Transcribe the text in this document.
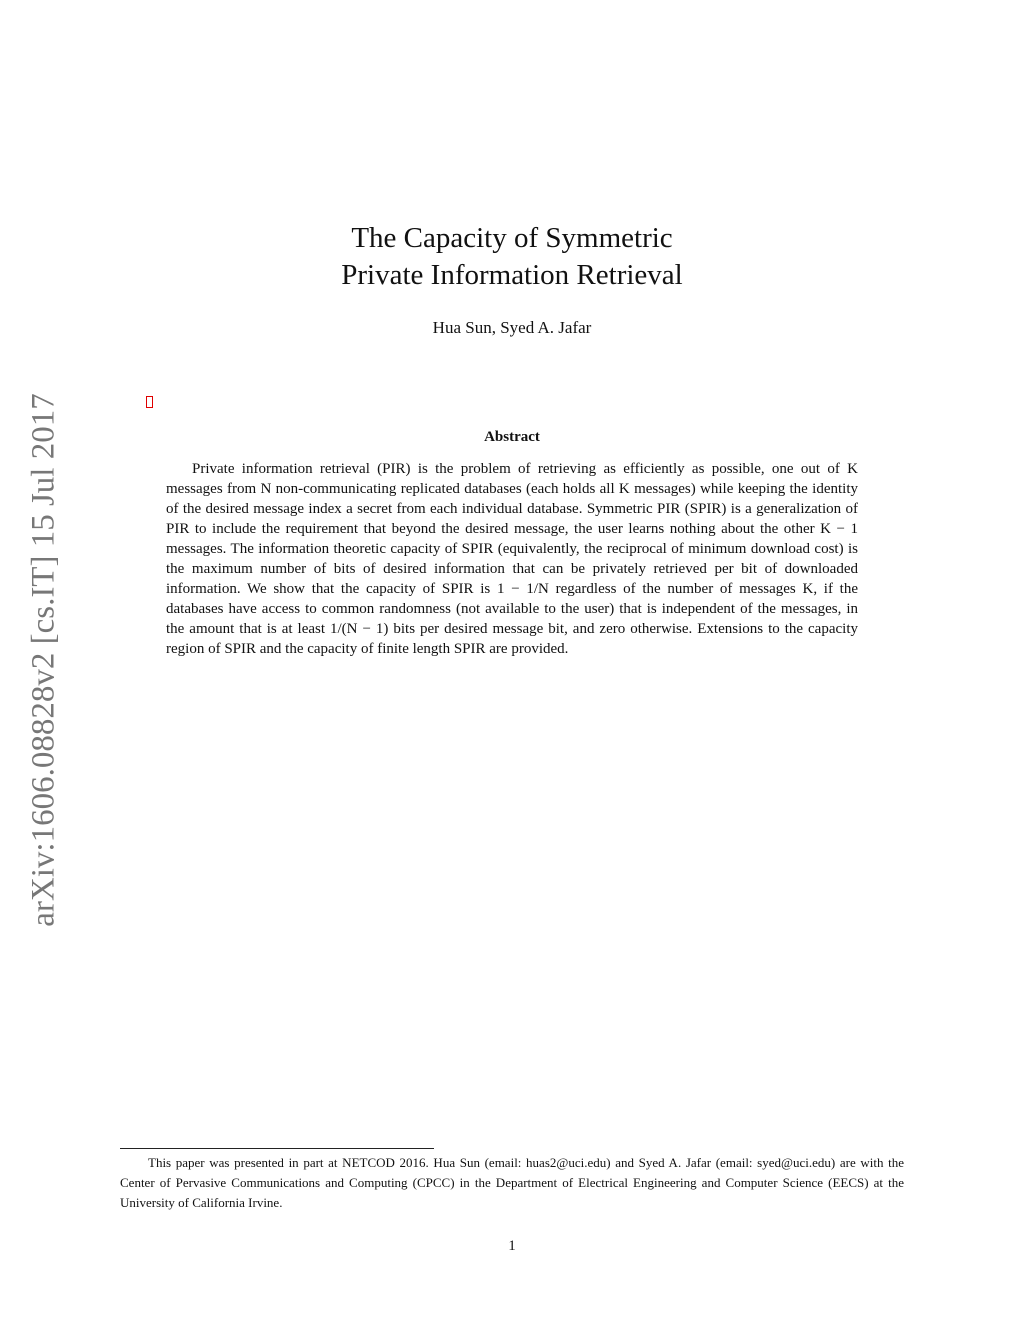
arXiv:1606.08828v2 [cs.IT] 15 Jul 2017
The Capacity of Symmetric
Private Information Retrieval
Hua Sun, Syed A. Jafar
Abstract
Private information retrieval (PIR) is the problem of retrieving as efficiently as possible, one out of K messages from N non-communicating replicated databases (each holds all K messages) while keeping the identity of the desired message index a secret from each individual database. Symmetric PIR (SPIR) is a generalization of PIR to include the requirement that beyond the desired message, the user learns nothing about the other K − 1 messages. The information theoretic capacity of SPIR (equivalently, the reciprocal of minimum download cost) is the maximum number of bits of desired information that can be privately retrieved per bit of downloaded information. We show that the capacity of SPIR is 1 − 1/N regardless of the number of messages K, if the databases have access to common randomness (not available to the user) that is independent of the messages, in the amount that is at least 1/(N − 1) bits per desired message bit, and zero otherwise. Extensions to the capacity region of SPIR and the capacity of finite length SPIR are provided.
This paper was presented in part at NETCOD 2016. Hua Sun (email: huas2@uci.edu) and Syed A. Jafar (email: syed@uci.edu) are with the Center of Pervasive Communications and Computing (CPCC) in the Department of Electrical Engineering and Computer Science (EECS) at the University of California Irvine.
1
